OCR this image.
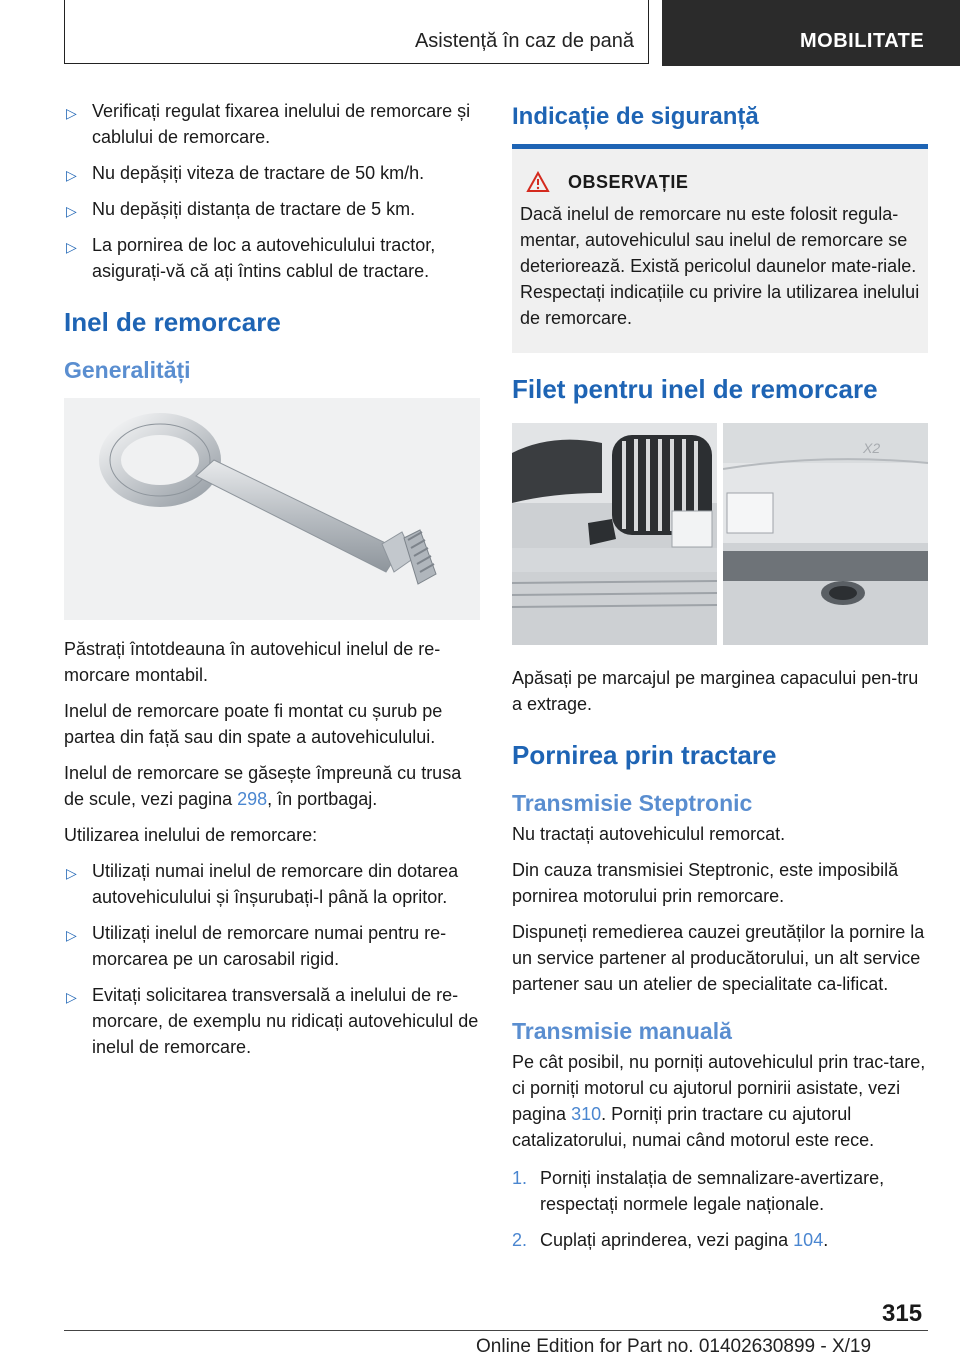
Asistență în caz de pană	MOBILITATE
▷ Verificați regulat fixarea inelului de remorcare și cablului de remorcare.
▷ Nu depășiți viteza de tractare de 50 km/h.
▷ Nu depășiți distanța de tractare de 5 km.
▷ La pornirea de loc a autovehiculului tractor, asigurați-vă că ați întins cablul de tractare.
Inel de remorcare
Generalități

Păstrați întotdeauna în autovehicul inelul de re-morcare montabil.

Inelul de remorcare poate fi montat cu șurub pe partea din față sau din spate a autovehiculului.

Inelul de remorcare se găsește împreună cu trusa de scule, vezi pagina 298, în portbagaj.

Utilizarea inelului de remorcare:

▷ Utilizați numai inelul de remorcare din dotarea autovehiculului și înșurubați-l până la opritor.
▷ Utilizați inelul de remorcare numai pentru re-morcarea pe un carosabil rigid.
▷ Evitați solicitarea transversală a inelului de re-morcare, de exemplu nu ridicați autovehiculul de inelul de remorcare.
Indicație de siguranță
OBSERVAȚIE

Dacă inelul de remorcare nu este folosit regula-mentar, autovehiculul sau inelul de remorcare se deteriorează. Există pericolul daunelor mate-riale. Respectați indicațiile cu privire la utilizarea inelului de remorcare.

Filet pentru inel de remorcare
X2

Apăsați pe marcajul pe marginea capacului pen-tru a extrage.

Pornirea prin tractare
Transmisie Steptronic

Nu tractați autovehiculul remorcat.

Din cauza transmisiei Steptronic, este imposibilă pornirea motorului prin remorcare.

Dispuneți remedierea cauzei greutăților la pornire la un service partener al producătorului, un alt service partener sau un atelier de specialitate ca-lificat.

Transmisie manuală

Pe cât posibil, nu porniți autovehiculul prin trac-tare, ci porniți motorul cu ajutorul pornirii asistate, vezi pagina 310. Porniți prin tractare cu ajutorul catalizatorului, numai când motorul este rece.

1. Porniți instalația de semnalizare-avertizare, respectați normele legale naționale.
2. Cuplați aprinderea, vezi pagina 104.
315
Online Edition for Part no. 01402630899 - X/19
